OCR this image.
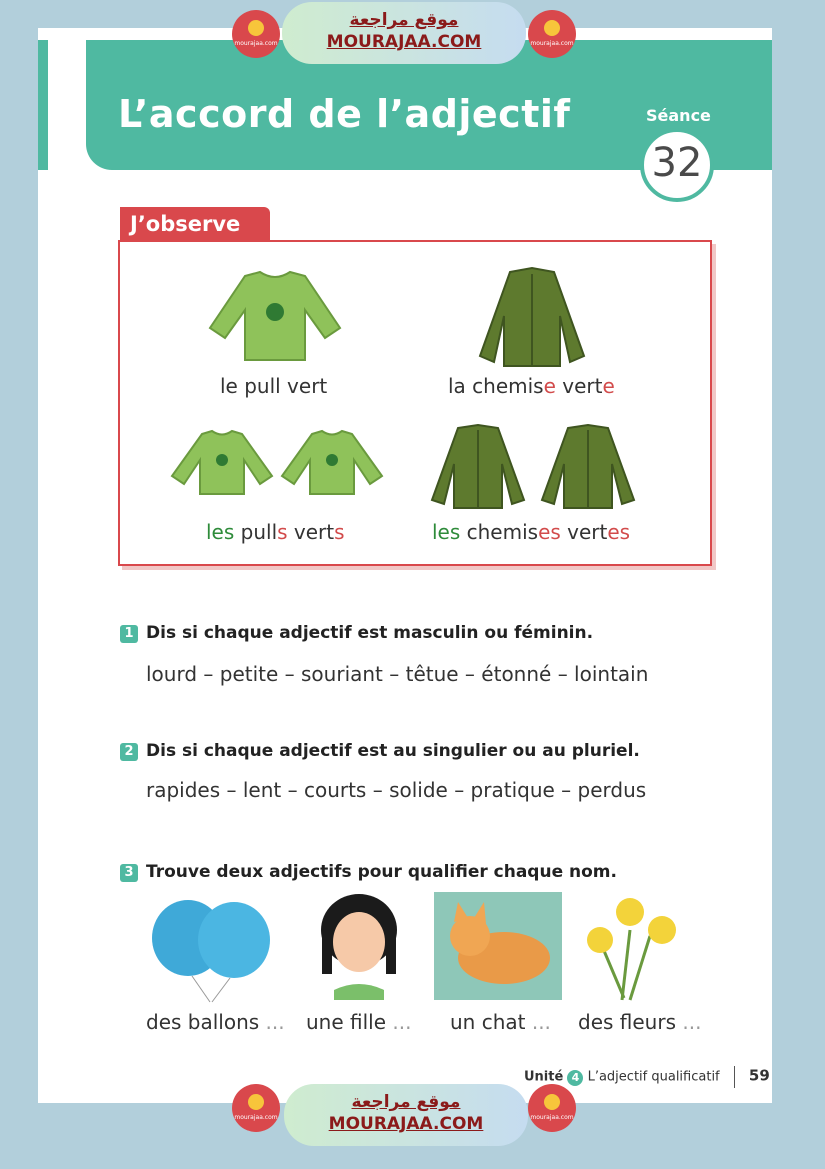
L’accord de l’adjectif	Séance
32
mourajaa.com
موقع مراجعة
MOURAJAA.COM	mourajaa.com
J’observe
le pull vert	la chemise verte
les pulls verts	les chemises vertes
1 Dis si chaque adjectif est masculin ou féminin.
lourd – petite – souriant – têtue – étonné – lointain
2 Dis si chaque adjectif est au singulier ou au pluriel.
rapides – lent – courts – solide – pratique – perdus
3 Trouve deux adjectifs pour qualifier chaque nom.
des ballons ... une fille ... un chat ... des fleurs ...
Unité 4 L’adjectif qualificatif 59
mourajaa.com
موقع مراجعة
MOURAJAA.COM	mourajaa.com
